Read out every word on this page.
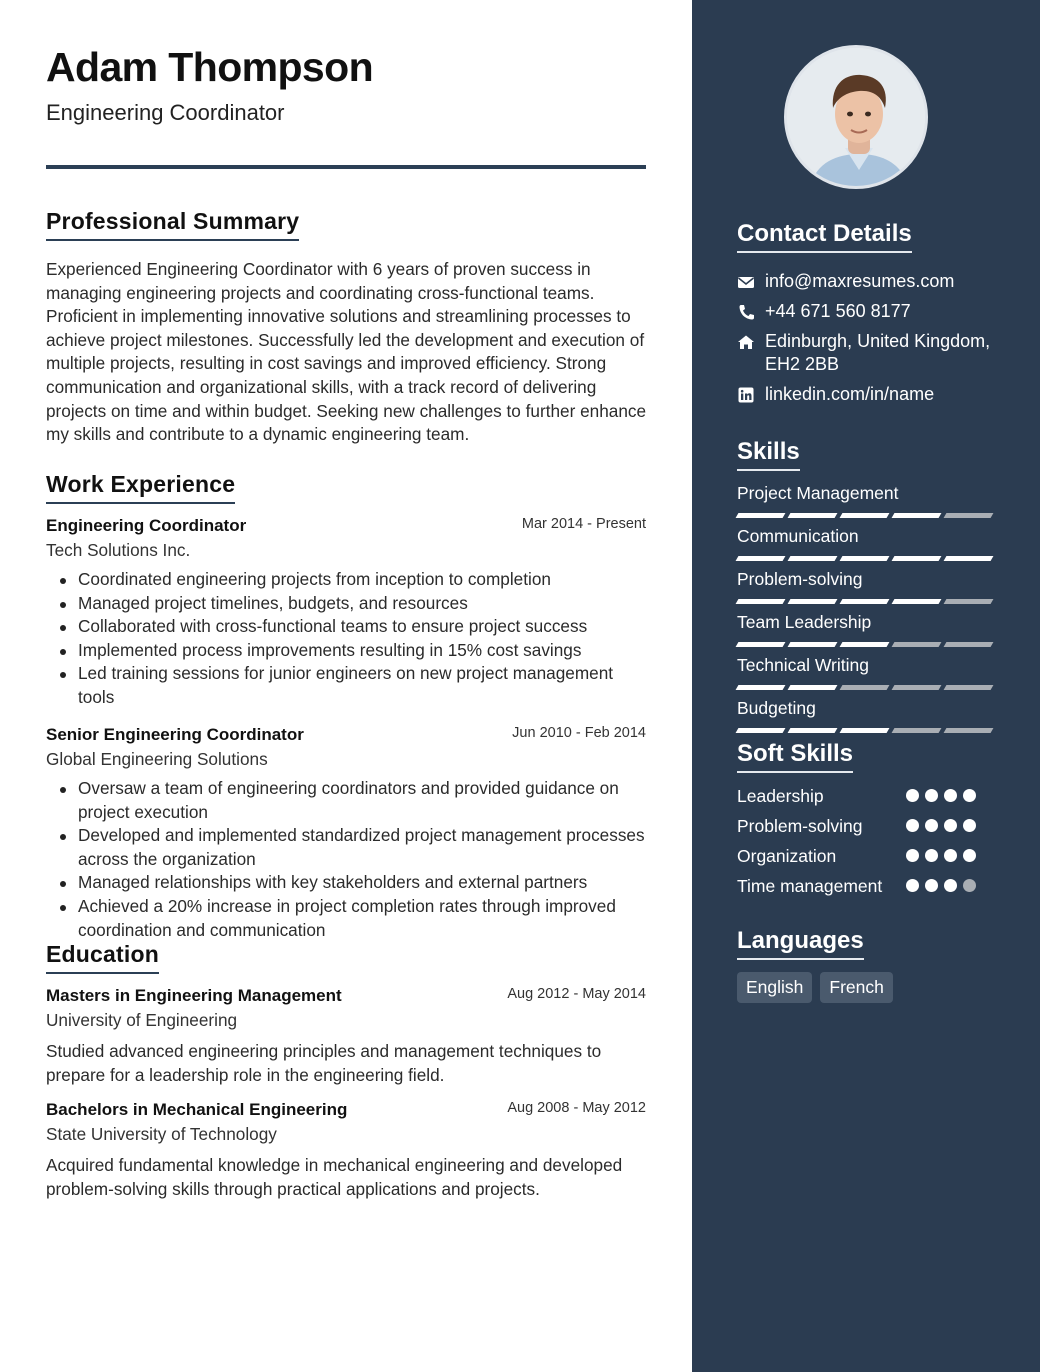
Adam Thompson
Engineering Coordinator
Professional Summary

Experienced Engineering Coordinator with 6 years of proven success in managing engineering projects and coordinating cross-functional teams. Proficient in implementing innovative solutions and streamlining processes to achieve project milestones. Successfully led the development and execution of multiple projects, resulting in cost savings and improved efficiency. Strong communication and organizational skills, with a track record of delivering projects on time and within budget. Seeking new challenges to further enhance my skills and contribute to a dynamic engineering team.

Work Experience
Engineering Coordinator	Mar 2014 - Present
Tech Solutions Inc.
Coordinated engineering projects from inception to completion
Managed project timelines, budgets, and resources
Collaborated with cross-functional teams to ensure project success
Implemented process improvements resulting in 15% cost savings
Led training sessions for junior engineers on new project management tools
Senior Engineering Coordinator	Jun 2010 - Feb 2014
Global Engineering Solutions
Oversaw a team of engineering coordinators and provided guidance on project execution
Developed and implemented standardized project management processes across the organization
Managed relationships with key stakeholders and external partners
Achieved a 20% increase in project completion rates through improved coordination and communication
Education
Masters in Engineering Management	Aug 2012 - May 2014
University of Engineering

Studied advanced engineering principles and management techniques to prepare for a leadership role in the engineering field.

Bachelors in Mechanical Engineering	Aug 2008 - May 2012
State University of Technology

Acquired fundamental knowledge in mechanical engineering and developed problem-solving skills through practical applications and projects.

Contact Details
info@maxresumes.com
+44 671 560 8177
Edinburgh, United Kingdom, EH2 2BB
linkedin.com/in/name
Skills
Project Management
Communication
Problem-solving
Team Leadership
Technical Writing
Budgeting
Soft Skills
Leadership
Problem-solving
Organization
Time management
Languages
English	French
